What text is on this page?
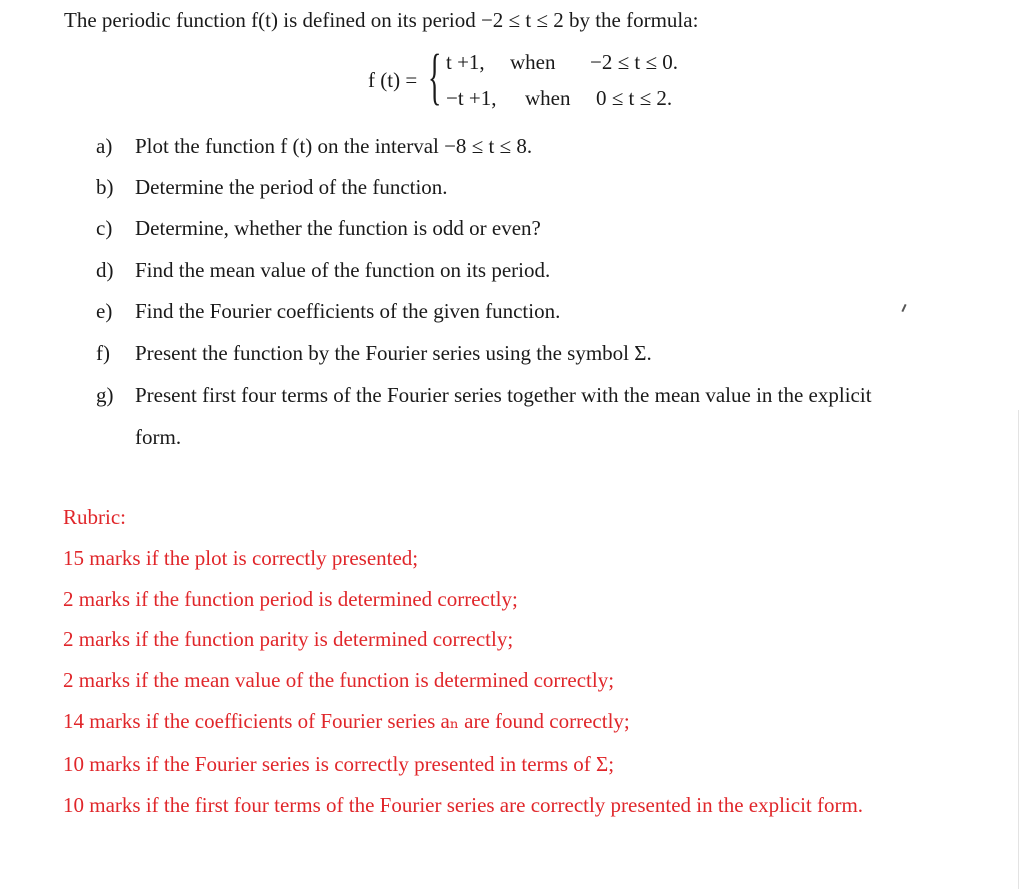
The periodic function f(t) is defined on its period −2 ≤ t ≤ 2 by the formula:
f (t) = { t +1, when −2 ≤ t ≤ 0.
−t +1, when 0 ≤ t ≤ 2.
a) Plot the function f (t) on the interval −8 ≤ t ≤ 8.
b) Determine the period of the function.
c) Determine, whether the function is odd or even?
d) Find the mean value of the function on its period.
e) Find the Fourier coefficients of the given function.
f) Present the function by the Fourier series using the symbol Σ.
g) Present first four terms of the Fourier series together with the mean value in the explicit
form.
Rubric:
15 marks if the plot is correctly presented;
2 marks if the function period is determined correctly;
2 marks if the function parity is determined correctly;
2 marks if the mean value of the function is determined correctly;
14 marks if the coefficients of Fourier series aₙ are found correctly;
10 marks if the Fourier series is correctly presented in terms of Σ;
10 marks if the first four terms of the Fourier series are correctly presented in the explicit form.
